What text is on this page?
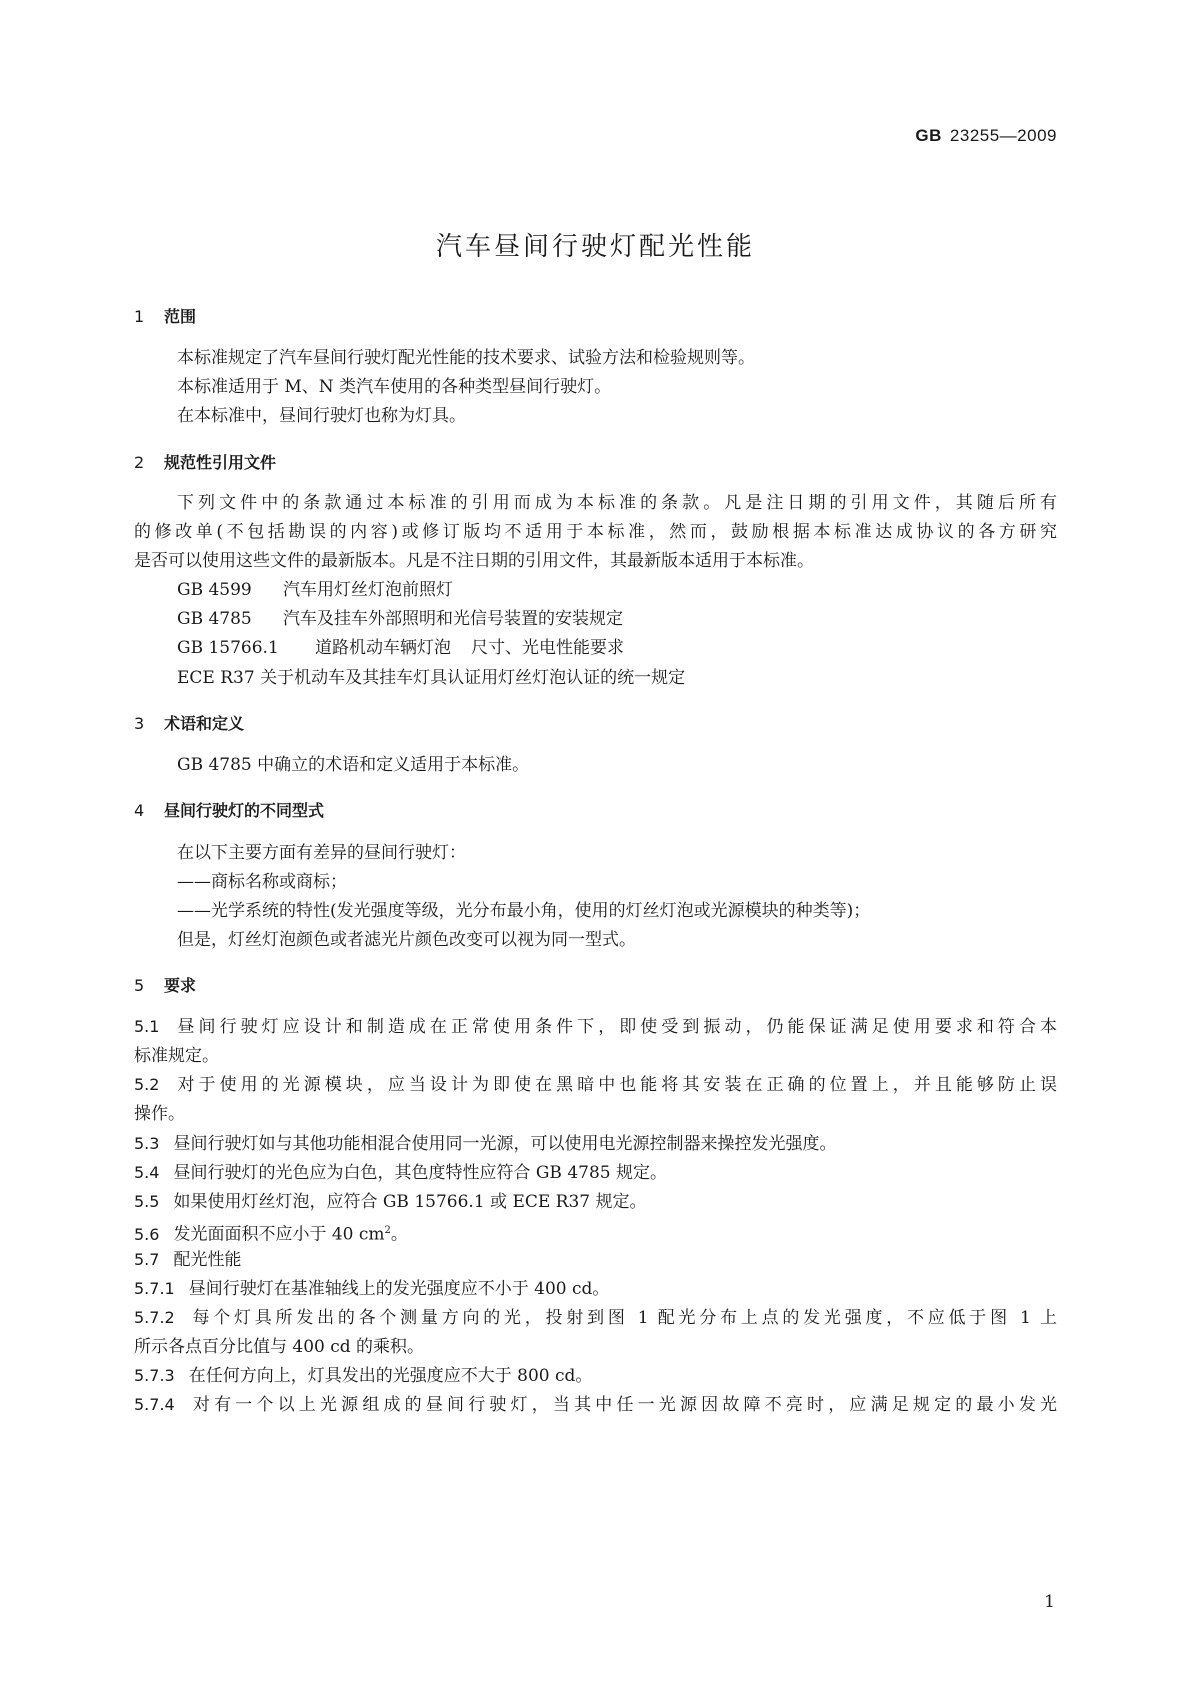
GB 23255—2009
汽车昼间行驶灯配光性能
1 范围
本标准规定了汽车昼间行驶灯配光性能的技术要求、试验方法和检验规则等。
本标准适用于 M、N 类汽车使用的各种类型昼间行驶灯。
在本标准中，昼间行驶灯也称为灯具。
2 规范性引用文件
下列文件中的条款通过本标准的引用而成为本标准的条款。凡是注日期的引用文件，其随后所有
的修改单(不包括勘误的内容)或修订版均不适用于本标准，然而，鼓励根据本标准达成协议的各方研究
是否可以使用这些文件的最新版本。凡是不注日期的引用文件，其最新版本适用于本标准。
GB 4599 汽车用灯丝灯泡前照灯
GB 4785 汽车及挂车外部照明和光信号装置的安装规定
GB 15766.1 道路机动车辆灯泡 尺寸、光电性能要求
ECE R37 关于机动车及其挂车灯具认证用灯丝灯泡认证的统一规定
3 术语和定义
GB 4785 中确立的术语和定义适用于本标准。
4 昼间行驶灯的不同型式
在以下主要方面有差异的昼间行驶灯：
——商标名称或商标；
——光学系统的特性(发光强度等级，光分布最小角，使用的灯丝灯泡或光源模块的种类等)；
但是，灯丝灯泡颜色或者滤光片颜色改变可以视为同一型式。
5 要求
5.1 昼间行驶灯应设计和制造成在正常使用条件下，即使受到振动，仍能保证满足使用要求和符合本
标准规定。
5.2 对于使用的光源模块，应当设计为即使在黑暗中也能将其安装在正确的位置上，并且能够防止误
操作。
5.3 昼间行驶灯如与其他功能相混合使用同一光源，可以使用电光源控制器来操控发光强度。
5.4 昼间行驶灯的光色应为白色，其色度特性应符合 GB 4785 规定。
5.5 如果使用灯丝灯泡，应符合 GB 15766.1 或 ECE R37 规定。
5.6 发光面面积不应小于 40 $cm^2$。
5.7 配光性能
5.7.1 昼间行驶灯在基准轴线上的发光强度应不小于 400 cd。
5.7.2 每个灯具所发出的各个测量方向的光，投射到图 1 配光分布上点的发光强度，不应低于图 1 上
所示各点百分比值与 400 cd 的乘积。
5.7.3 在任何方向上，灯具发出的光强度应不大于 800 cd。
5.7.4 对有一个以上光源组成的昼间行驶灯，当其中任一光源因故障不亮时，应满足规定的最小发光
1
